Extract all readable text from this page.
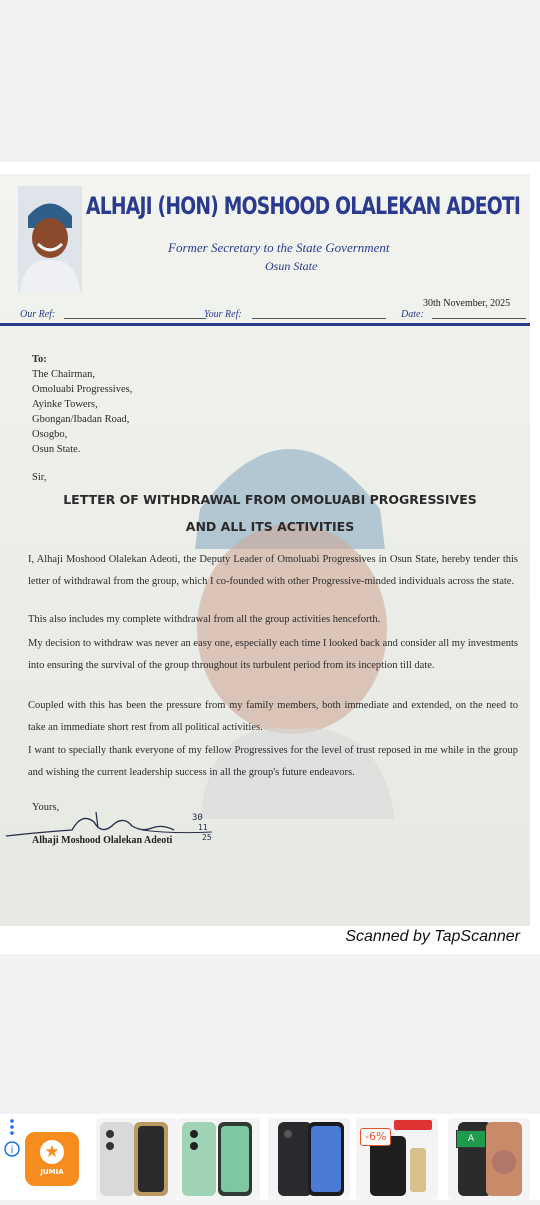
ALHAJI (HON) MOSHOOD OLALEKAN ADEOTI
Former Secretary to the State Government
Osun State
30th November, 2025
Our Ref:	Your Ref:	Date:
To:
The Chairman,
Omoluabi Progressives,
Ayinke Towers,
Gbongan/Ibadan Road,
Osogbo,
Osun State.
Sir,
LETTER OF WITHDRAWAL FROM OMOLUABI PROGRESSIVES
AND ALL ITS ACTIVITIES
I, Alhaji Moshood Olalekan Adeoti, the Deputy Leader of Omoluabi Progressives in Osun State, hereby tender this letter of withdrawal from the group, which I co-founded with other Progressive-minded individuals across the state.
This also includes my complete withdrawal from all the group activities henceforth.
My decision to withdraw was never an easy one, especially each time I looked back and consider all my investments into ensuring the survival of the group throughout its turbulent period from its inception till date.
Coupled with this has been the pressure from my family members, both immediate and extended, on the need to take an immediate short rest from all political activities.
I want to specially thank everyone of my fellow Progressives for the level of trust reposed in me while in the group and wishing the current leadership success in all the group's future endeavors.
Yours,
30
11
25
Alhaji Moshood Olalekan Adeoti
Scanned by TapScanner
i ★
JUMIA
-6%	A
